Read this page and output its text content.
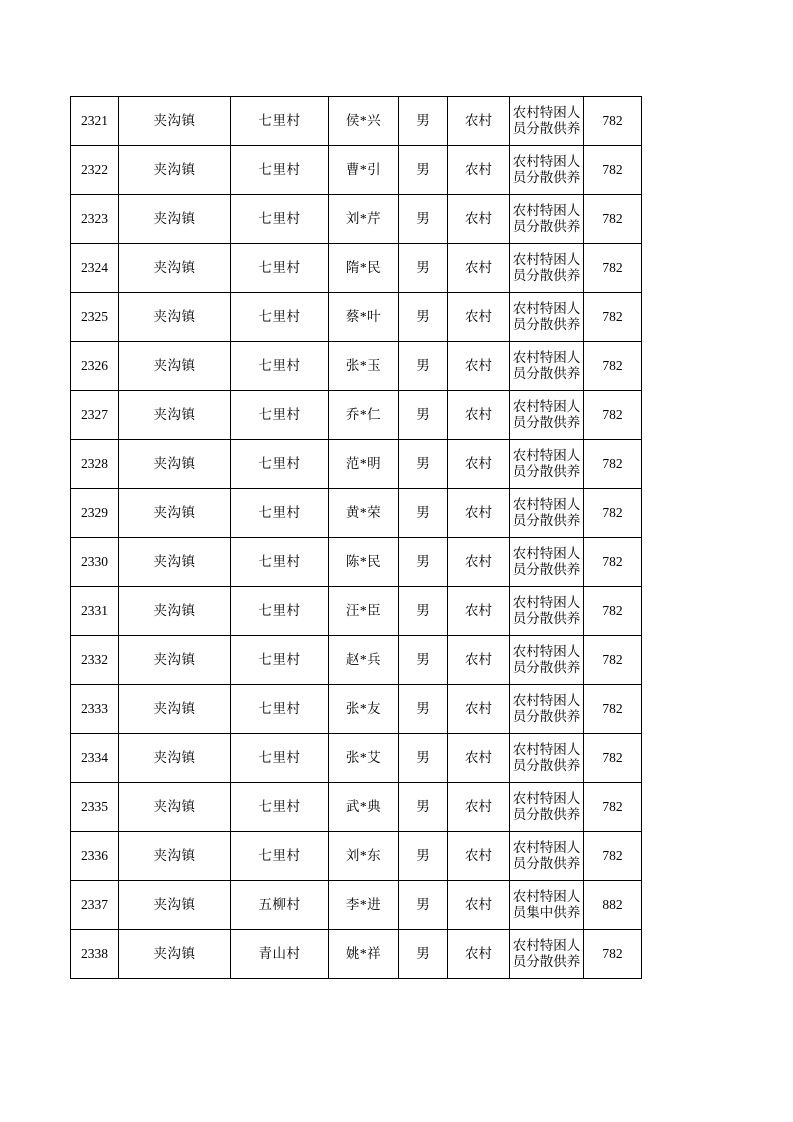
2321	夹沟镇	七里村	侯*兴	男	农村	农村特困人员分散供养	782
2322	夹沟镇	七里村	曹*引	男	农村	农村特困人员分散供养	782
2323	夹沟镇	七里村	刘*芹	男	农村	农村特困人员分散供养	782
2324	夹沟镇	七里村	隋*民	男	农村	农村特困人员分散供养	782
2325	夹沟镇	七里村	蔡*叶	男	农村	农村特困人员分散供养	782
2326	夹沟镇	七里村	张*玉	男	农村	农村特困人员分散供养	782
2327	夹沟镇	七里村	乔*仁	男	农村	农村特困人员分散供养	782
2328	夹沟镇	七里村	范*明	男	农村	农村特困人员分散供养	782
2329	夹沟镇	七里村	黄*荣	男	农村	农村特困人员分散供养	782
2330	夹沟镇	七里村	陈*民	男	农村	农村特困人员分散供养	782
2331	夹沟镇	七里村	汪*臣	男	农村	农村特困人员分散供养	782
2332	夹沟镇	七里村	赵*兵	男	农村	农村特困人员分散供养	782
2333	夹沟镇	七里村	张*友	男	农村	农村特困人员分散供养	782
2334	夹沟镇	七里村	张*艾	男	农村	农村特困人员分散供养	782
2335	夹沟镇	七里村	武*典	男	农村	农村特困人员分散供养	782
2336	夹沟镇	七里村	刘*东	男	农村	农村特困人员分散供养	782
2337	夹沟镇	五柳村	李*进	男	农村	农村特困人员集中供养	882
2338	夹沟镇	青山村	姚*祥	男	农村	农村特困人员分散供养	782
